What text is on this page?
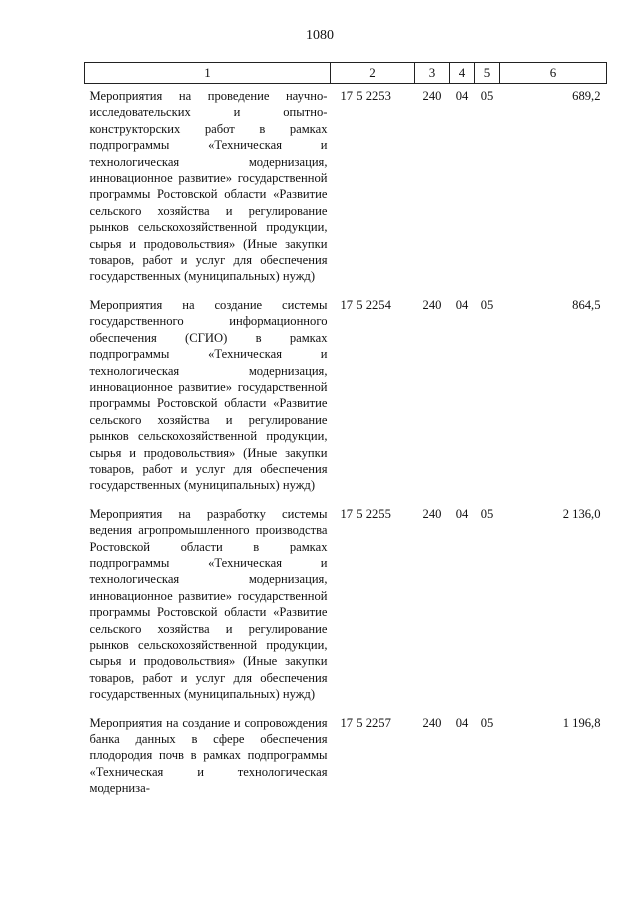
1080
1	2	3	4	5	6
Мероприятия на проведение научно-исследовательских и опытно-конструкторских работ в рамках подпрограммы «Техническая и технологическая модернизация, инновационное развитие» государственной программы Ростовской области «Развитие сельского хозяйства и регулирование рынков сельскохозяйственной продукции, сырья и продовольствия» (Иные закупки товаров, работ и услуг для обеспечения государственных (муниципальных) нужд)	17 5 2253	240	04	05	689,2
Мероприятия на создание системы государственного информационного обеспечения (СГИО) в рамках подпрограммы «Техническая и технологическая модернизация, инновационное развитие» государственной программы Ростовской области «Развитие сельского хозяйства и регулирование рынков сельскохозяйственной продукции, сырья и продовольствия» (Иные закупки товаров, работ и услуг для обеспечения государственных (муниципальных) нужд)	17 5 2254	240	04	05	864,5
Мероприятия на разработку системы ведения агропромышленного производства Ростовской области в рамках подпрограммы «Техническая и технологическая модернизация, инновационное развитие» государственной программы Ростовской области «Развитие сельского хозяйства и регулирование рынков сельскохозяйственной продукции, сырья и продовольствия» (Иные закупки товаров, работ и услуг для обеспечения государственных (муниципальных) нужд)	17 5 2255	240	04	05	2 136,0
Мероприятия на создание и сопровождения банка данных в сфере обеспечения плодородия почв в рамках подпрограммы «Техническая и технологическая модерниза-	17 5 2257	240	04	05	1 196,8
